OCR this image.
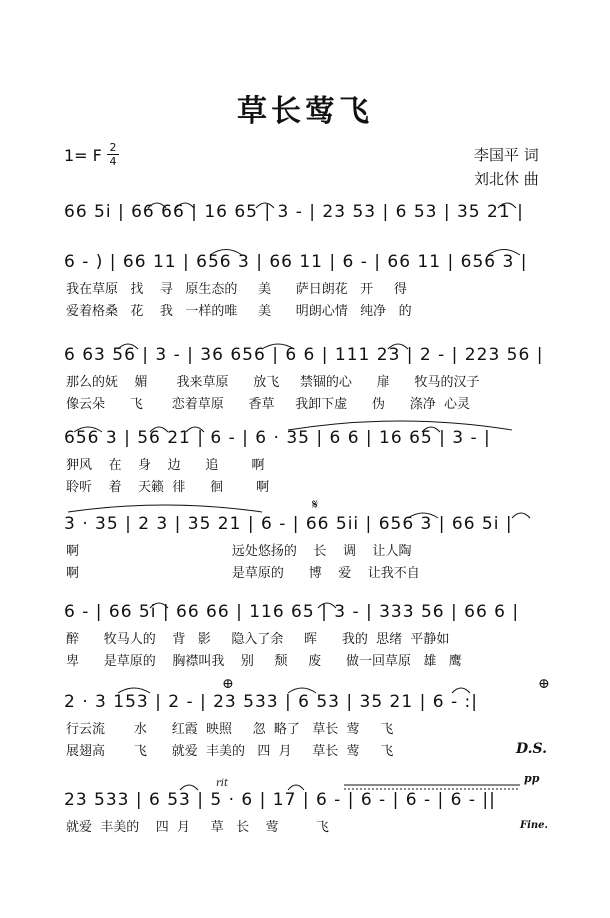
草长莺飞
1= F 2
4	李国平 词
刘北休 曲
66 5i | 66 66 | 16 65 | 3 - | 23 53 | 6 53 | 35 21 |
6 - ) | 66 11 | 656 3 | 66 11 | 6 - | 66 11 | 656 3 |
我在草原   找    寻   原生态的     美      萨日朗花   开     得
爱着格桑   花    我   一样的唯     美      明朗心情   纯净   的
6 63 56 | 3 - | 36 656 | 6 6 | 111 23 | 2 - | 223 56 |
那么的妩    媚       我来草原      放飞     禁锢的心      扉      牧马的汉子
像云朵      飞       恋着草原      香草     我卸下虚      伪      涤净  心灵
656 3 | 56 21 | 6 - | 6 · 35 | 6 6 | 16 65 | 3 - |
狎风    在    身    边      追        啊
聆听    着    天籁  徘      徊        啊
3 · 35 | 2 3 | 35 21 | 6 - | 66 5ii | 656 3 | 66 5i |
啊                                     远处悠扬的    长    调    让人陶
啊                                     是草原的      博    爱    让我不自
6 - | 66 5i | 66 66 | 116 65 | 3 - | 333 56 | 66 6 |
醉      牧马人的    背   影     隐入了余     晖      我的  思绪  平静如
卑      是草原的    胸襟叫我    别     颓     废      做一回草原   雄   鹰
2 · 3 153 | 2 - | 23 533 | 6 53 | 35 21 | 6 - :|
行云流       水      红霞  映照     忽  略了   草长  莺     飞
展翅高       飞      就爱  丰美的   四  月     草长  莺     飞
23 533 | 6 53 | 5 · 6 | 17 | 6 - | 6 - | 6 - | 6 - ||
就爱  丰美的    四  月     草   长    莺         飞
𝄋
⊕	⊕
D.S.
rit	pp
Fine.
